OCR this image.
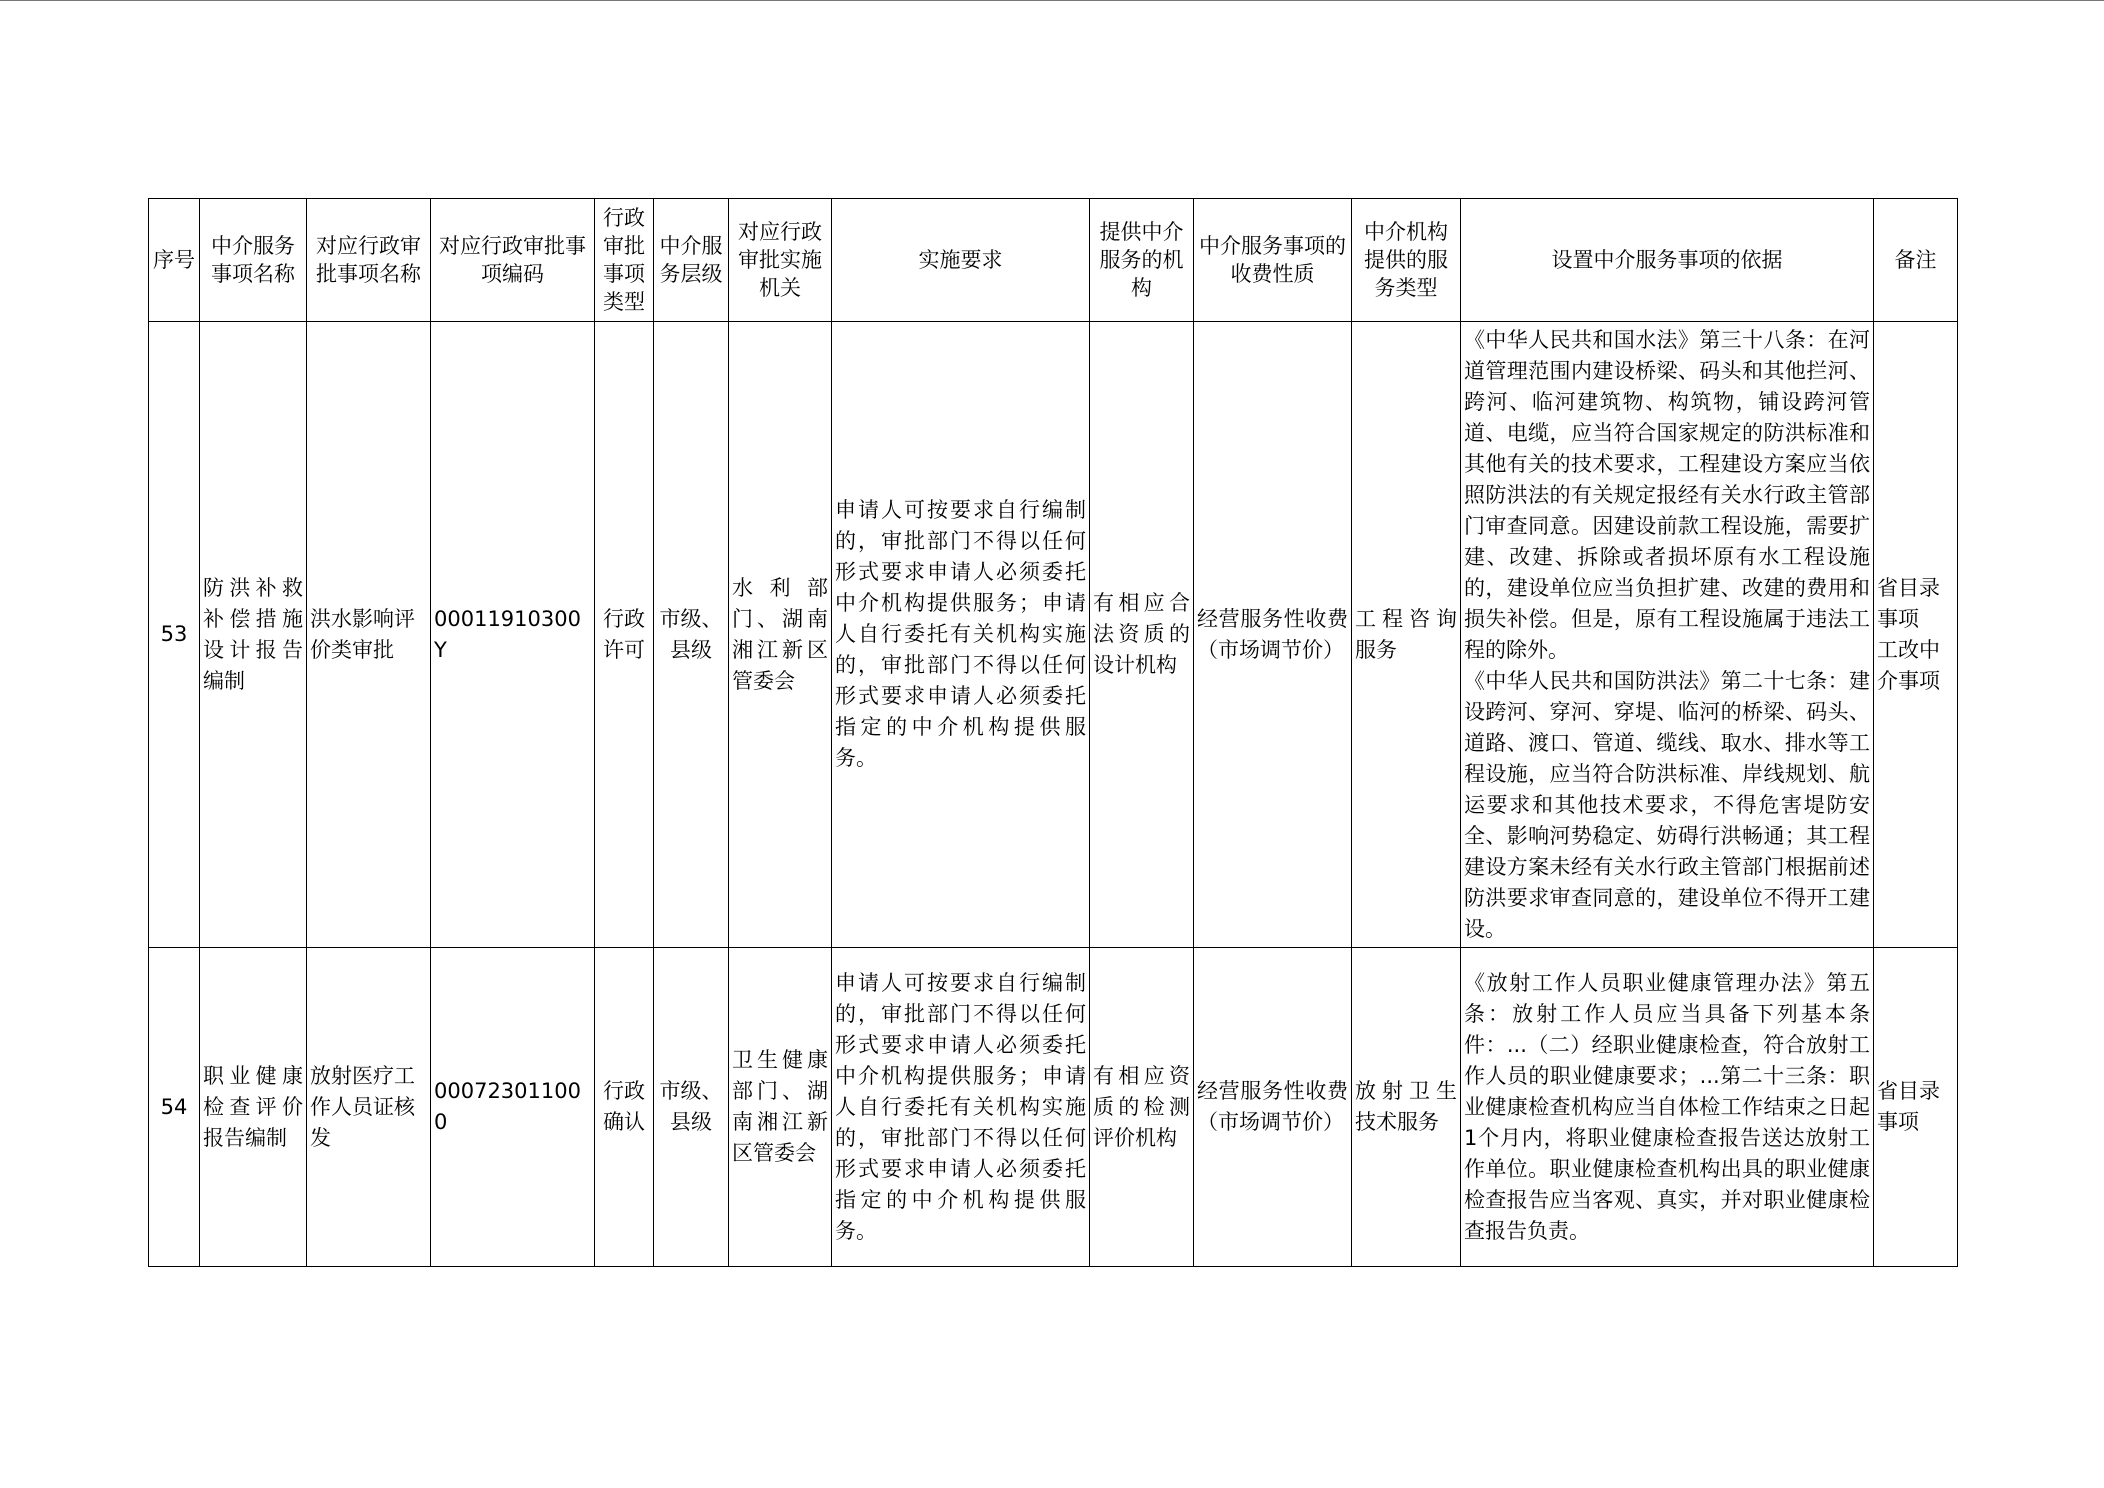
序号	中介服务事项名称	对应行政审批事项名称	对应行政审批事项编码	行政审批事项类型	中介服务层级	对应行政审批实施机关	实施要求	提供中介服务的机构	中介服务事项的收费性质	中介机构提供的服务类型	设置中介服务事项的依据	备注
53	防洪补救补偿措施设计报告编制	洪水影响评价类审批	00011910300Y	行政许可	市级、县级	水利部门、湖南湘江新区管委会	申请人可按要求自行编制的，审批部门不得以任何形式要求申请人必须委托中介机构提供服务；申请人自行委托有关机构实施的，审批部门不得以任何形式要求申请人必须委托指定的中介机构提供服务。	有相应合法资质的设计机构	经营服务性收费（市场调节价）	工程咨询服务	《中华人民共和国水法》第三十八条：在河道管理范围内建设桥梁、码头和其他拦河、跨河、临河建筑物、构筑物，铺设跨河管道、电缆，应当符合国家规定的防洪标准和其他有关的技术要求，工程建设方案应当依照防洪法的有关规定报经有关水行政主管部门审查同意。因建设前款工程设施，需要扩建、改建、拆除或者损坏原有水工程设施的，建设单位应当负担扩建、改建的费用和损失补偿。但是，原有工程设施属于违法工程的除外。
《中华人民共和国防洪法》第二十七条：建设跨河、穿河、穿堤、临河的桥梁、码头、道路、渡口、管道、缆线、取水、排水等工程设施，应当符合防洪标准、岸线规划、航运要求和其他技术要求，不得危害堤防安全、影响河势稳定、妨碍行洪畅通；其工程建设方案未经有关水行政主管部门根据前述防洪要求审查同意的，建设单位不得开工建设。	省目录事项　工改中介事项
54	职业健康检查评价报告编制	放射医疗工作人员证核发	000723011000	行政确认	市级、县级	卫生健康部门、湖南湘江新区管委会	申请人可按要求自行编制的，审批部门不得以任何形式要求申请人必须委托中介机构提供服务；申请人自行委托有关机构实施的，审批部门不得以任何形式要求申请人必须委托指定的中介机构提供服务。	有相应资质的检测评价机构	经营服务性收费（市场调节价）	放射卫生技术服务	《放射工作人员职业健康管理办法》第五条：放射工作人员应当具备下列基本条件：...（二）经职业健康检查，符合放射工作人员的职业健康要求；...第二十三条：职业健康检查机构应当自体检工作结束之日起1个月内，将职业健康检查报告送达放射工作单位。职业健康检查机构出具的职业健康检查报告应当客观、真实，并对职业健康检查报告负责。	省目录事项
